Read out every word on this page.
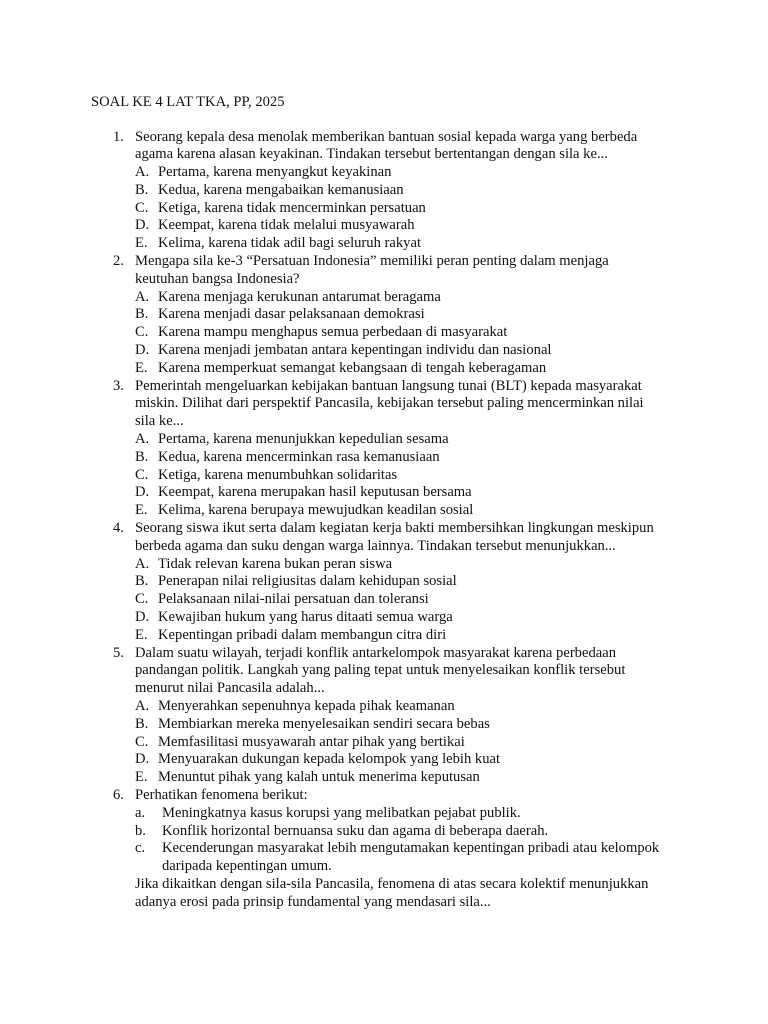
SOAL KE 4 LAT TKA, PP, 2025
1. Seorang kepala desa menolak memberikan bantuan sosial kepada warga yang berbeda
agama karena alasan keyakinan. Tindakan tersebut bertentangan dengan sila ke...
A. Pertama, karena menyangkut keyakinan
B. Kedua, karena mengabaikan kemanusiaan
C. Ketiga, karena tidak mencerminkan persatuan
D. Keempat, karena tidak melalui musyawarah
E. Kelima, karena tidak adil bagi seluruh rakyat
2. Mengapa sila ke-3 “Persatuan Indonesia” memiliki peran penting dalam menjaga
keutuhan bangsa Indonesia?
A. Karena menjaga kerukunan antarumat beragama
B. Karena menjadi dasar pelaksanaan demokrasi
C. Karena mampu menghapus semua perbedaan di masyarakat
D. Karena menjadi jembatan antara kepentingan individu dan nasional
E. Karena memperkuat semangat kebangsaan di tengah keberagaman
3. Pemerintah mengeluarkan kebijakan bantuan langsung tunai (BLT) kepada masyarakat
miskin. Dilihat dari perspektif Pancasila, kebijakan tersebut paling mencerminkan nilai
sila ke...
A. Pertama, karena menunjukkan kepedulian sesama
B. Kedua, karena mencerminkan rasa kemanusiaan
C. Ketiga, karena menumbuhkan solidaritas
D. Keempat, karena merupakan hasil keputusan bersama
E. Kelima, karena berupaya mewujudkan keadilan sosial
4. Seorang siswa ikut serta dalam kegiatan kerja bakti membersihkan lingkungan meskipun
berbeda agama dan suku dengan warga lainnya. Tindakan tersebut menunjukkan...
A. Tidak relevan karena bukan peran siswa
B. Penerapan nilai religiusitas dalam kehidupan sosial
C. Pelaksanaan nilai-nilai persatuan dan toleransi
D. Kewajiban hukum yang harus ditaati semua warga
E. Kepentingan pribadi dalam membangun citra diri
5. Dalam suatu wilayah, terjadi konflik antarkelompok masyarakat karena perbedaan
pandangan politik. Langkah yang paling tepat untuk menyelesaikan konflik tersebut
menurut nilai Pancasila adalah...
A. Menyerahkan sepenuhnya kepada pihak keamanan
B. Membiarkan mereka menyelesaikan sendiri secara bebas
C. Memfasilitasi musyawarah antar pihak yang bertikai
D. Menyuarakan dukungan kepada kelompok yang lebih kuat
E. Menuntut pihak yang kalah untuk menerima keputusan
6. Perhatikan fenomena berikut:
a. Meningkatnya kasus korupsi yang melibatkan pejabat publik.
b. Konflik horizontal bernuansa suku dan agama di beberapa daerah.
c. Kecenderungan masyarakat lebih mengutamakan kepentingan pribadi atau kelompok
daripada kepentingan umum.
Jika dikaitkan dengan sila-sila Pancasila, fenomena di atas secara kolektif menunjukkan
adanya erosi pada prinsip fundamental yang mendasari sila...
